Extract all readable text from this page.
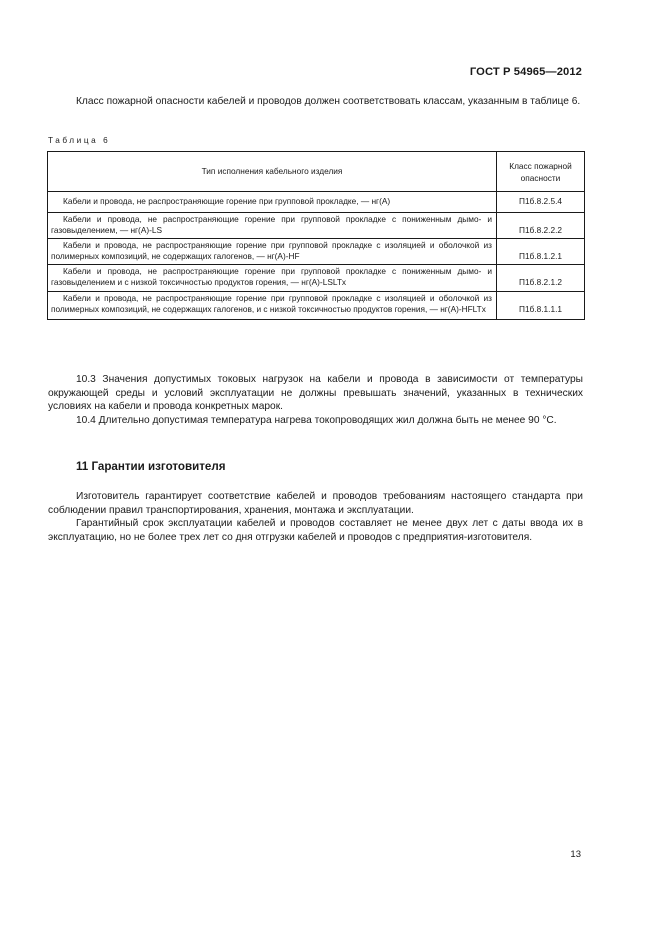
ГОСТ Р 54965—2012

Класс пожарной опасности кабелей и проводов должен соответствовать классам, указанным в таблице 6.

Таблица 6
Тип исполнения кабельного изделия	Класс пожарной опасности
Кабели и провода, не распространяющие горение при групповой прокладке, — нг(А)	П1б.8.2.5.4
Кабели и провода, не распространяющие горение при групповой прокладке с пониженным дымо- и газовыделением, — нг(А)-LS	П1б.8.2.2.2
Кабели и провода, не распространяющие горение при групповой прокладке с изоляцией и оболочкой из полимерных композиций, не содержащих галогенов, — нг(А)-HF	П1б.8.1.2.1
Кабели и провода, не распространяющие горение при групповой прокладке с пониженным дымо- и газовыделением и с низкой токсичностью продуктов горения, — нг(А)-LSLTx	П1б.8.2.1.2
Кабели и провода, не распространяющие горение при групповой прокладке с изоляцией и оболочкой из полимерных композиций, не содержащих галогенов, и с низкой токсичностью продуктов горения, — нг(А)-HFLTx	П1б.8.1.1.1

10.3 Значения допустимых токовых нагрузок на кабели и провода в зависимости от температуры окружающей среды и условий эксплуатации не должны превышать значений, указанных в технических условиях на кабели и провода конкретных марок.

10.4 Длительно допустимая температура нагрева токопроводящих жил должна быть не менее 90 °С.

11 Гарантии изготовителя

Изготовитель гарантирует соответствие кабелей и проводов требованиям настоящего стандарта при соблюдении правил транспортирования, хранения, монтажа и эксплуатации.

Гарантийный срок эксплуатации кабелей и проводов составляет не менее двух лет с даты ввода их в эксплуатацию, но не более трех лет со дня отгрузки кабелей и проводов с предприятия-изготовителя.

13
